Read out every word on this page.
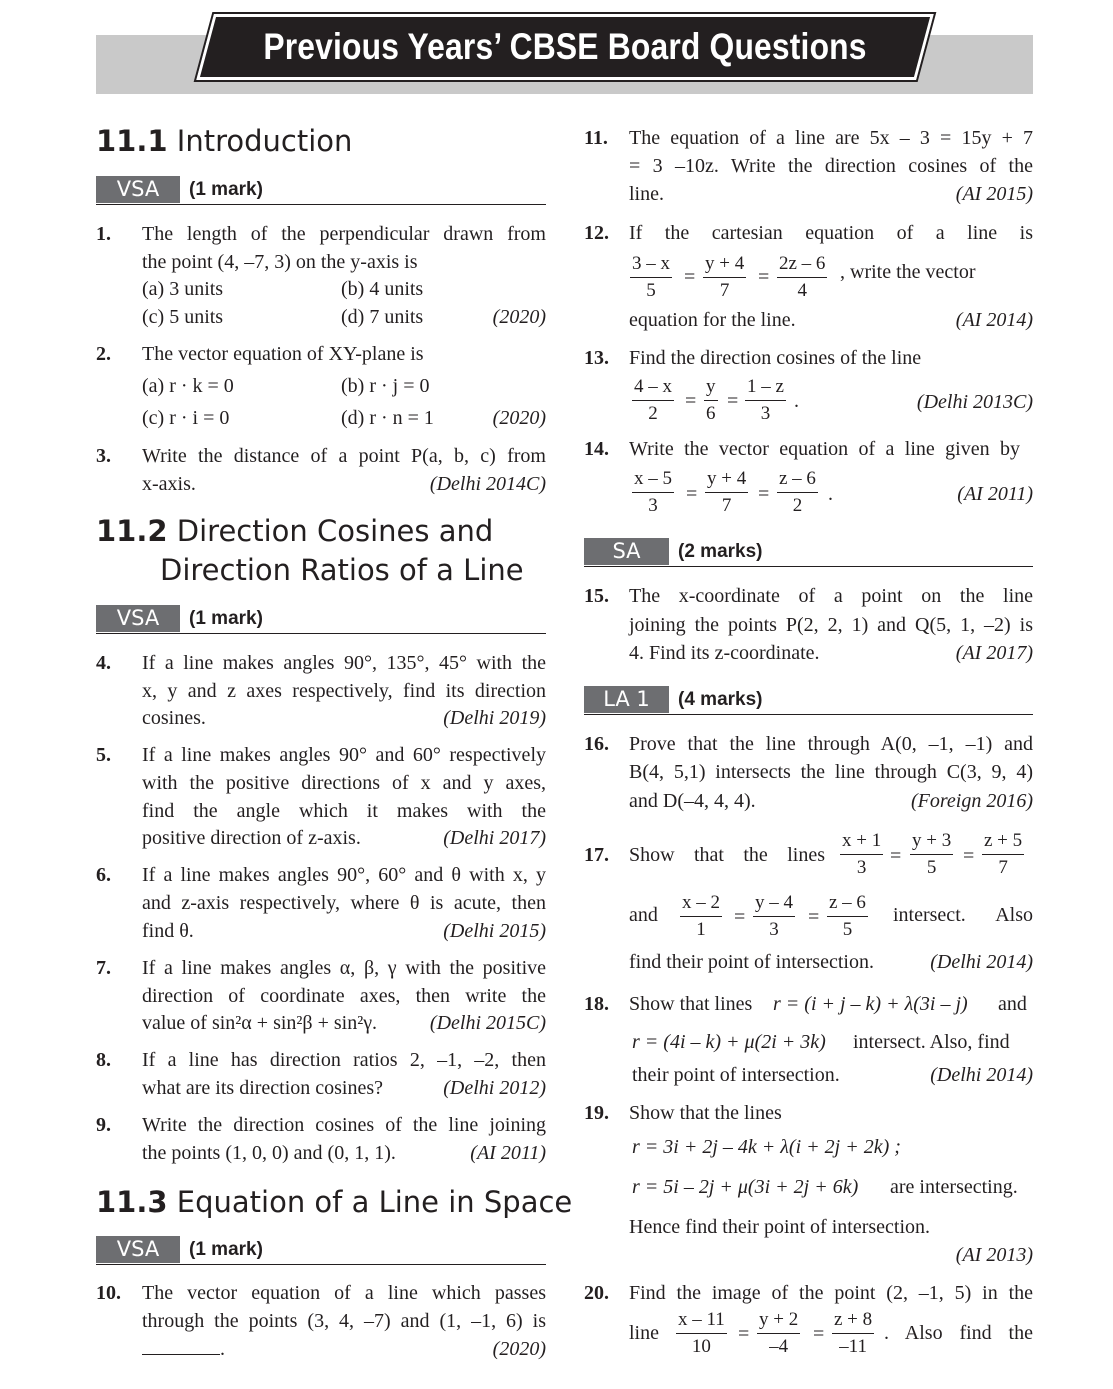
Previous Years’ CBSE Board Questions
11.1 Introduction
VSA	(1 mark)
1. The length of the perpendicular drawn from
the point (4, –7, 3) on the y-axis is
(a) 3 units	(b) 4 units
(c) 5 units	(d) 7 units	(2020)
2. The vector equation of XY-plane is
(a) r · k = 0	(b) r · j = 0
(c) r · i = 0	(d) r · n = 1	(2020)
3. Write the distance of a point P(a, b, c) from
x-axis.	(Delhi 2014C)
11.2 Direction Cosines and
Direction Ratios of a Line
VSA	(1 mark)
4. If a line makes angles 90°, 135°, 45° with the
x, y and z axes respectively, find its direction
cosines.	(Delhi 2019)
5. If a line makes angles 90° and 60° respectively
with the positive directions of x and y axes,
find the angle which it makes with the
positive direction of z-axis.	(Delhi 2017)
6. If a line makes angles 90°, 60° and θ with x, y
and z-axis respectively, where θ is acute, then
find θ.	(Delhi 2015)
7. If a line makes angles α, β, γ with the positive
direction of coordinate axes, then write the
value of sin²α + sin²β + sin²γ.	(Delhi 2015C)
8. If a line has direction ratios 2, –1, –2, then
what are its direction cosines?	(Delhi 2012)
9. Write the direction cosines of the line joining
the points (1, 0, 0) and (0, 1, 1).	(AI 2011)
11.3 Equation of a Line in Space
VSA	(1 mark)
10. The vector equation of a line which passes
through the points (3, 4, –7) and (1, –1, 6) is
.	(2020)
11. The equation of a line are 5x – 3 = 15y + 7
= 3 –10z. Write the direction cosines of the
line.	(AI 2015)
12. If the cartesian equation of a line is
$\frac{3 - x}{5} = \frac{y + 4}{7} = \frac{2z - 6}{4}$ , write the vector
equation for the line.	(AI 2014)
13. Find the direction cosines of the line
$\frac{4 - x}{2} = \frac{y}{6} = \frac{1 - z}{3}$ .	(Delhi 2013C)
14. Write the vector equation of a line given by
$\frac{x - 5}{3} = \frac{y + 4}{7} = \frac{z - 6}{2}$ .	(AI 2011)
SA	(2 marks)
15. The x-coordinate of a point on the line
joining the points P(2, 2, 1) and Q(5, 1, –2) is
4. Find its z-coordinate.	(AI 2017)
LA 1	(4 marks)
16. Prove that the line through A(0, –1, –1) and
B(4, 5,1) intersects the line through C(3, 9, 4)
and D(–4, 4, 4).	(Foreign 2016)
17. Show that the lines $\frac{x + 1}{3} = \frac{y + 3}{5} = \frac{z + 5}{7}$
and $\frac{x - 2}{1} = \frac{y - 4}{3} = \frac{z - 6}{5}$ intersect. Also
find their point of intersection.	(Delhi 2014)
18. Show that lines r = (i + j – k) + λ(3i – j) and
r = (4i – k) + μ(2i + 3k) intersect. Also, find
their point of intersection.	(Delhi 2014)
19. Show that the lines
r = 3i + 2j – 4k + λ(i + 2j + 2k) ;
r = 5i – 2j + μ(3i + 2j + 6k) are intersecting.
Hence find their point of intersection.
(AI 2013)
20. Find the image of the point (2, –1, 5) in the
line $\frac{x - 11}{10} = \frac{y + 2}{-4} = \frac{z + 8}{-11}$ . Also find the
